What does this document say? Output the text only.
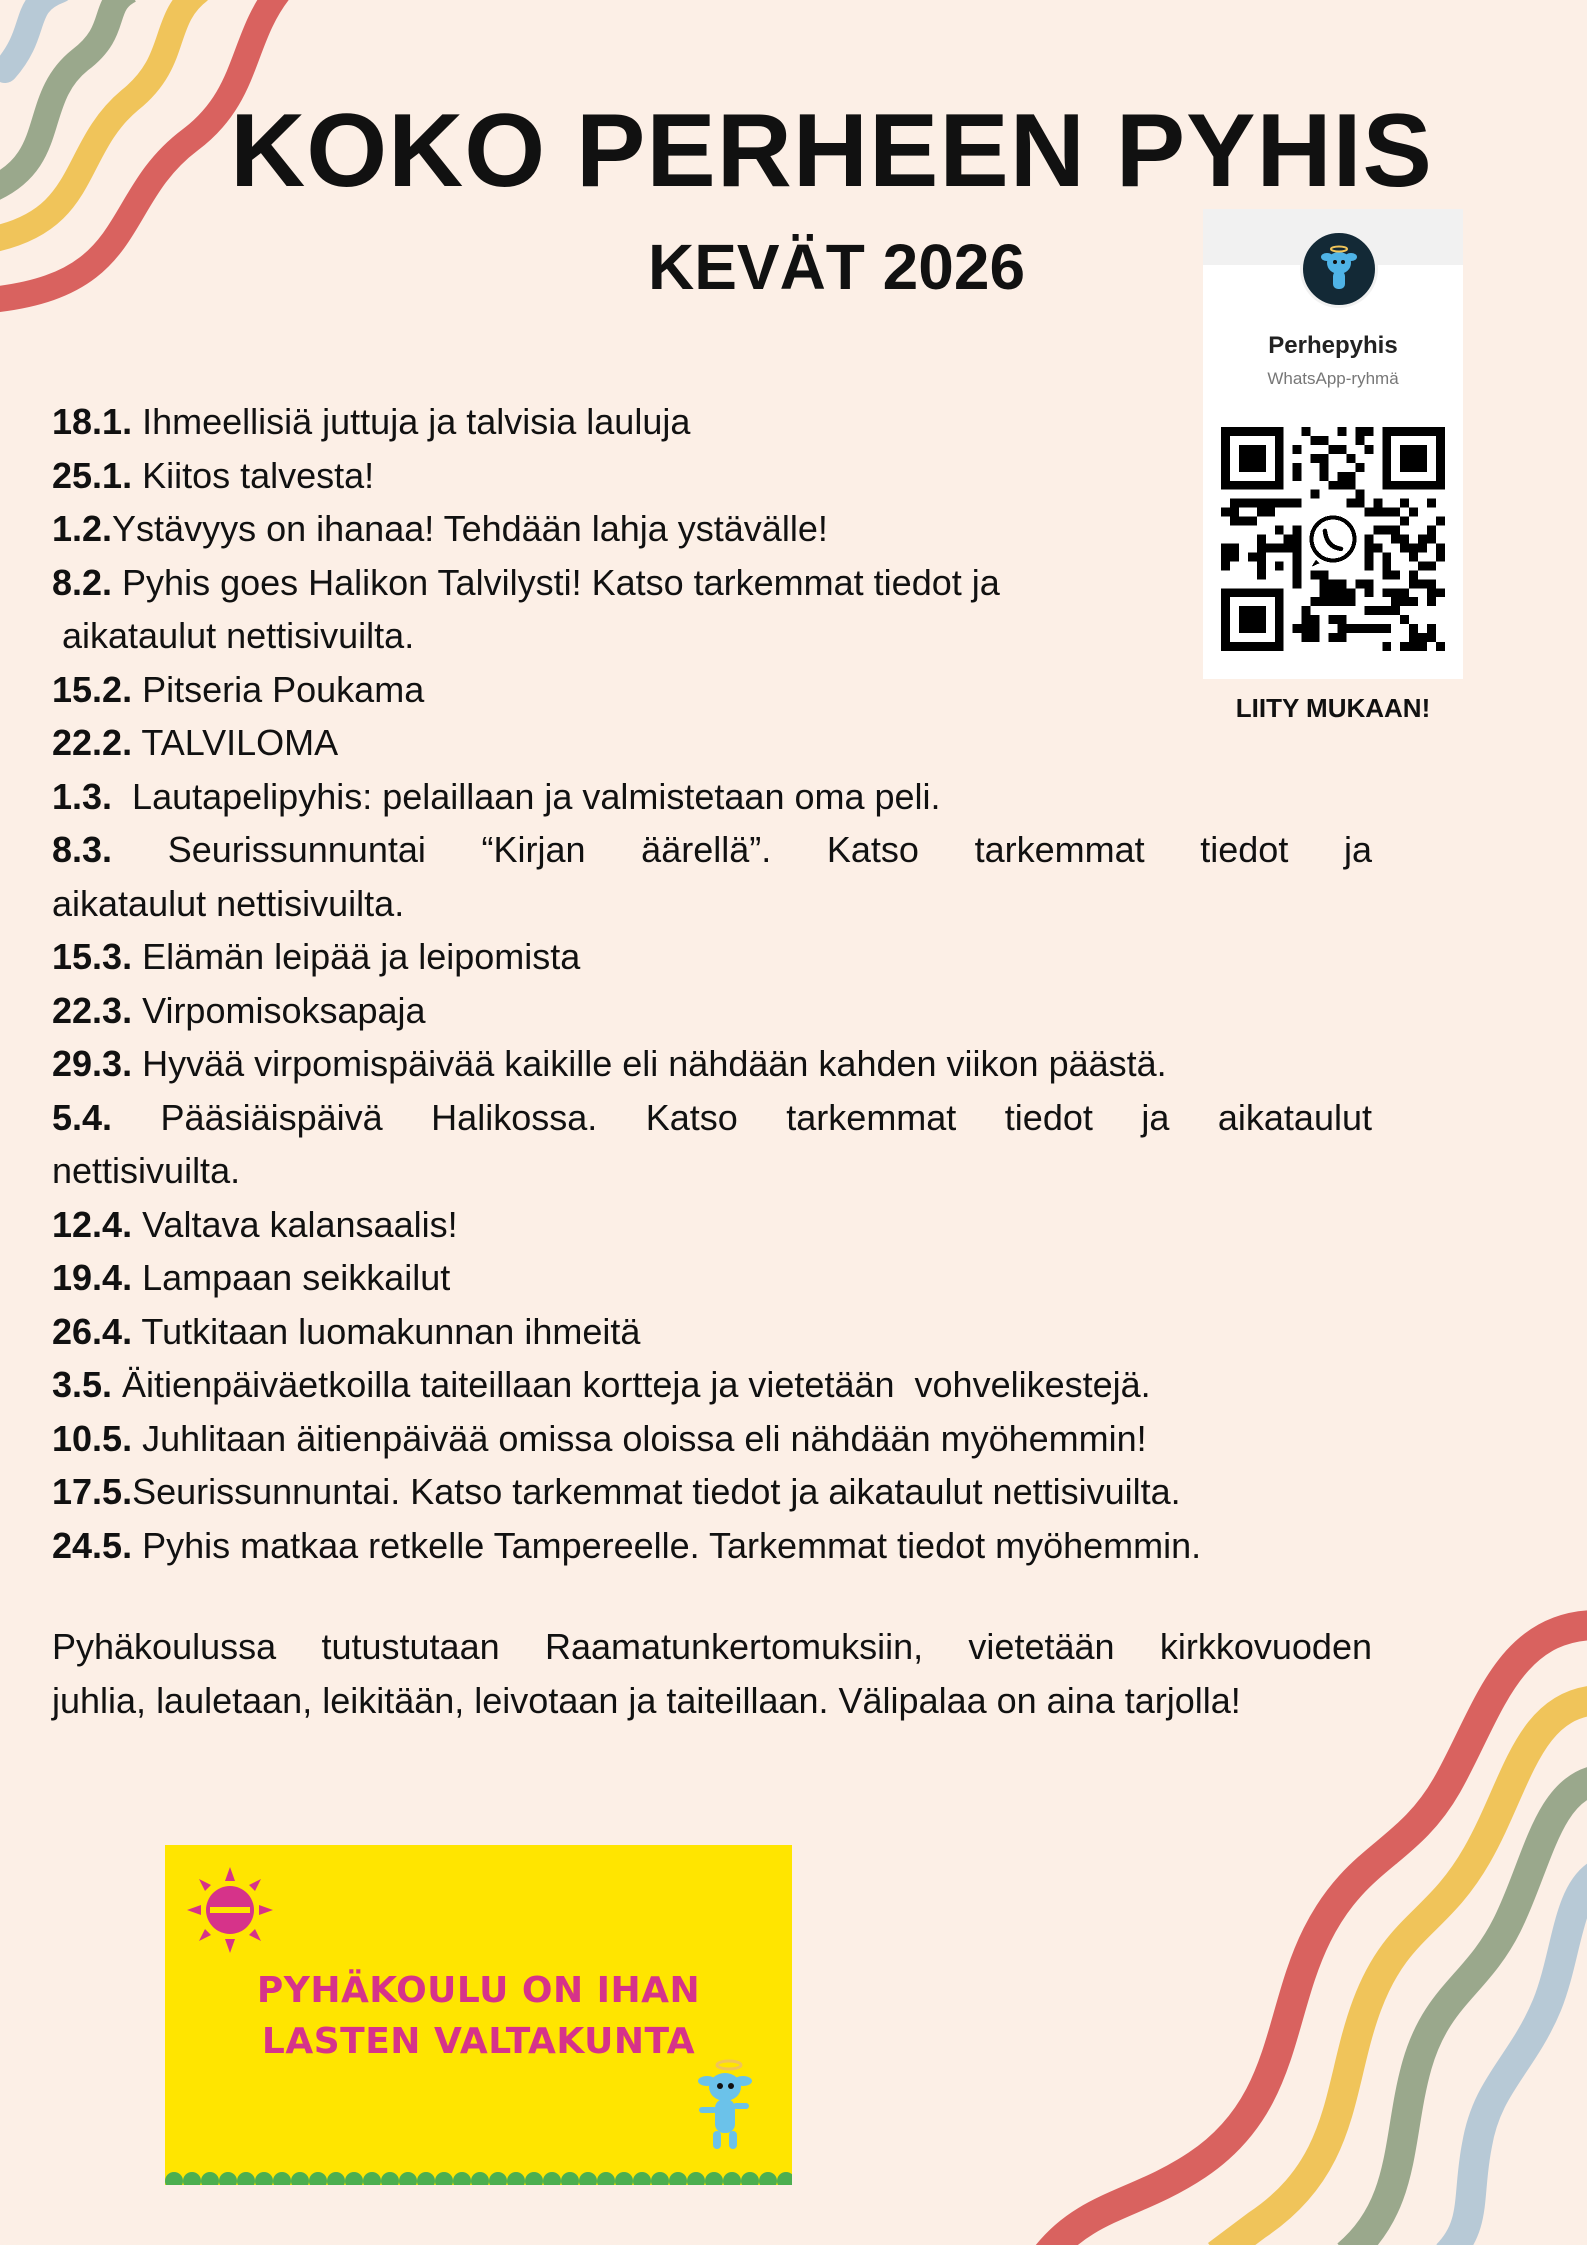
KOKO PERHEEN PYHIS
KEVÄT 2026
Perhepyhis
WhatsApp-ryhmä
LIITY MUKAAN!
18.1. Ihmeellisiä juttuja ja talvisia lauluja
25.1. Kiitos talvesta!
1.2.Ystävyys on ihanaa! Tehdään lahja ystävälle!
8.2. Pyhis goes Halikon Talvilysti! Katso tarkemmat tiedot ja
aikataulut nettisivuilta.
15.2. Pitseria Poukama
22.2. TALVILOMA
1.3.  Lautapelipyhis: pelaillaan ja valmistetaan oma peli.
8.3. Seurissunnuntai “Kirjan äärellä”. Katso tarkemmat tiedot ja
aikataulut nettisivuilta.
15.3. Elämän leipää ja leipomista
22.3. Virpomisoksapaja
29.3. Hyvää virpomispäivää kaikille eli nähdään kahden viikon päästä.
5.4. Pääsiäispäivä Halikossa. Katso tarkemmat tiedot ja aikataulut
nettisivuilta.
12.4. Valtava kalansaalis!
19.4. Lampaan seikkailut
26.4. Tutkitaan luomakunnan ihmeitä
3.5. Äitienpäiväetkoilla taiteillaan kortteja ja vietetään  vohvelikestejä.
10.5. Juhlitaan äitienpäivää omissa oloissa eli nähdään myöhemmin!
17.5.Seurissunnuntai. Katso tarkemmat tiedot ja aikataulut nettisivuilta.
24.5. Pyhis matkaa retkelle Tampereelle. Tarkemmat tiedot myöhemmin.
Pyhäkoulussa tutustutaan Raamatunkertomuksiin, vietetään kirkkovuoden
juhlia, lauletaan, leikitään, leivotaan ja taiteillaan. Välipalaa on aina tarjolla!
PYHÄKOULU ON IHAN
LASTEN VALTAKUNTA
